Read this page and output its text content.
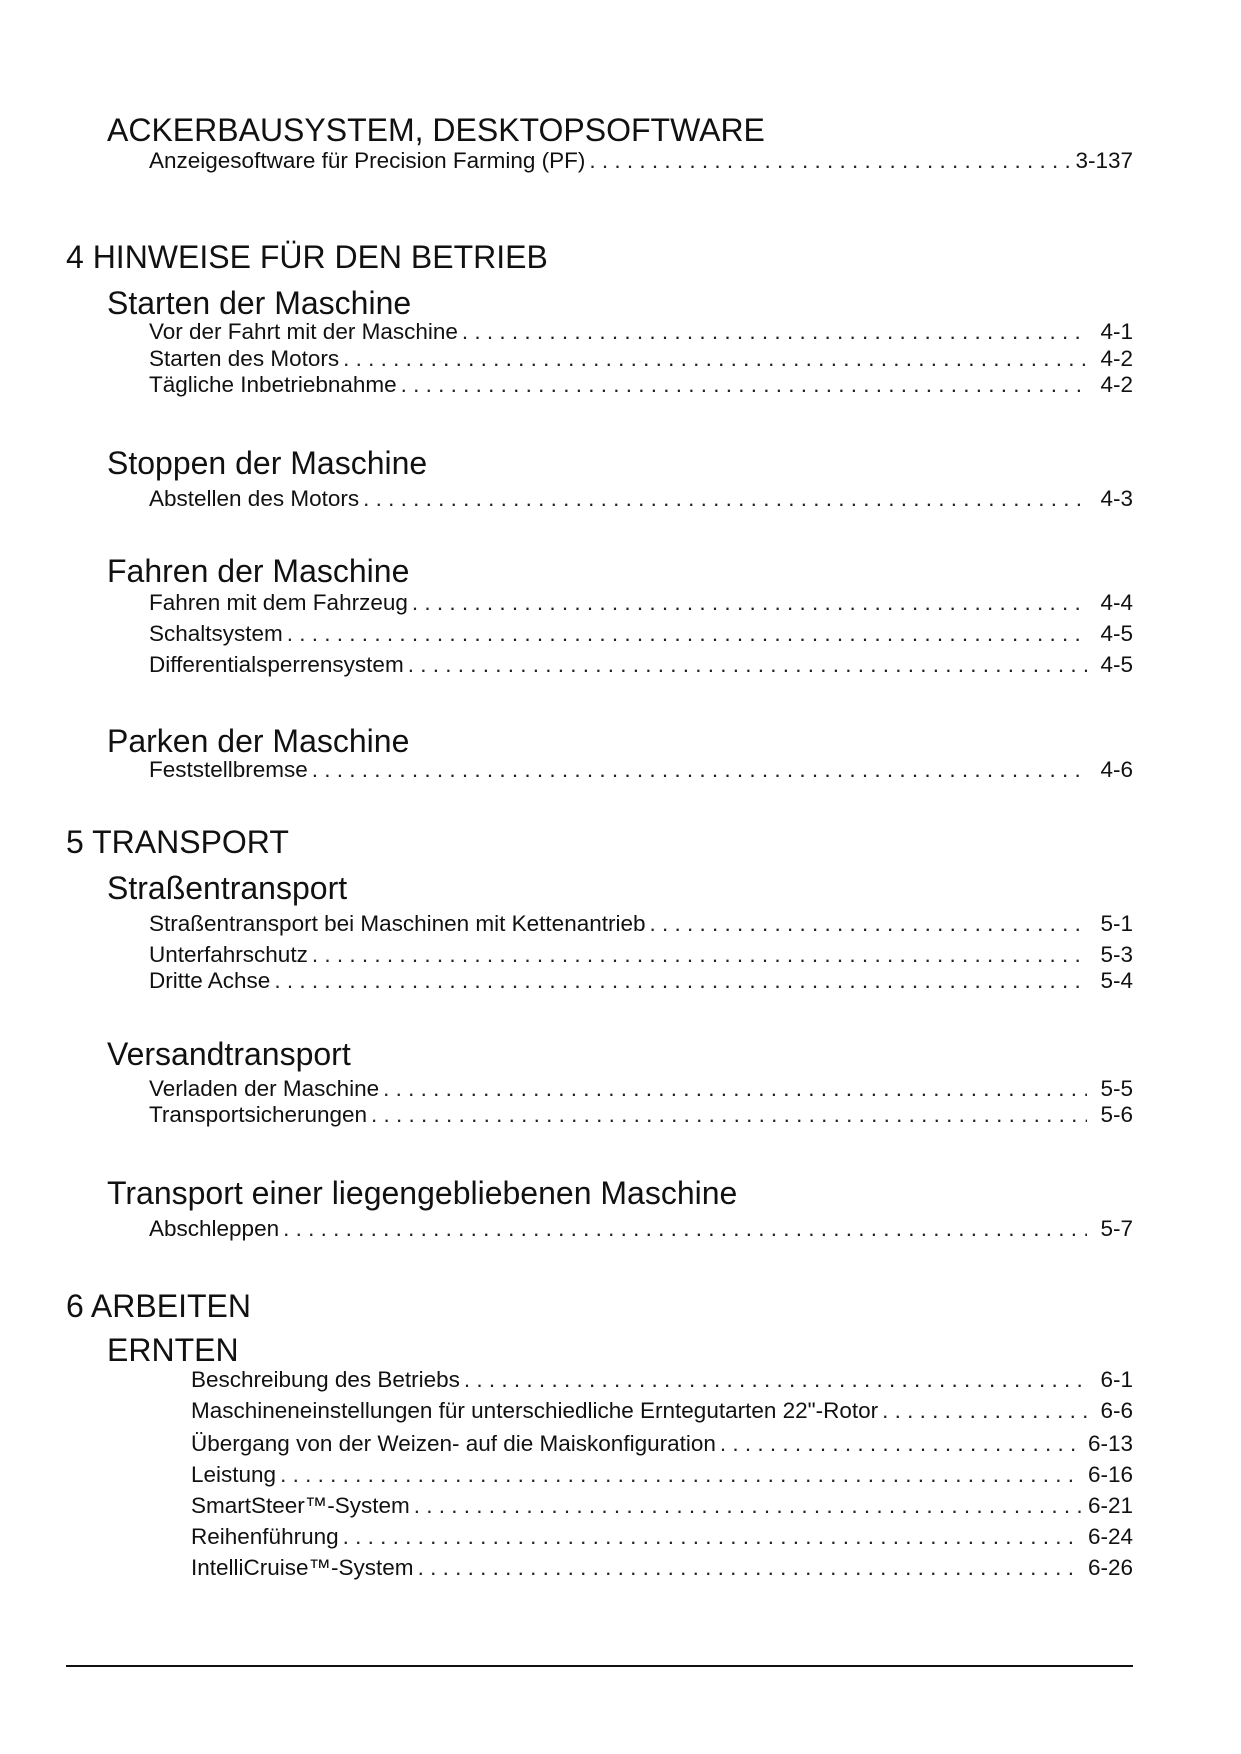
ACKERBAUSYSTEM, DESKTOPSOFTWARE
Anzeigesoftware für Precision Farming (PF) . . .	3-137
4 HINWEISE FÜR DEN BETRIEB
Starten der Maschine
Vor der Fahrt mit der Maschine . . .	4-1
Starten des Motors . . .	4-2
Tägliche Inbetriebnahme . . .	4-2
Stoppen der Maschine
Abstellen des Motors . . .	4-3
Fahren der Maschine
Fahren mit dem Fahrzeug . . .	4-4
Schaltsystem . . .	4-5
Differentialsperrensystem . . .	4-5
Parken der Maschine
Feststellbremse . . .	4-6
5 TRANSPORT
Straßentransport
Straßentransport bei Maschinen mit Kettenantrieb . . .	5-1
Unterfahrschutz . . .	5-3
Dritte Achse . . .	5-4
Versandtransport
Verladen der Maschine . . .	5-5
Transportsicherungen . . .	5-6
Transport einer liegengebliebenen Maschine
Abschleppen . . .	5-7
6 ARBEITEN
ERNTEN
Beschreibung des Betriebs . . .	6-1
Maschineneinstellungen für unterschiedliche Erntegutarten 22"-Rotor . . .	6-6
Übergang von der Weizen- auf die Maiskonfiguration . . .	6-13
Leistung . . .	6-16
SmartSteer™-System . . .	6-21
Reihenführung . . .	6-24
IntelliCruise™-System . . .	6-26
